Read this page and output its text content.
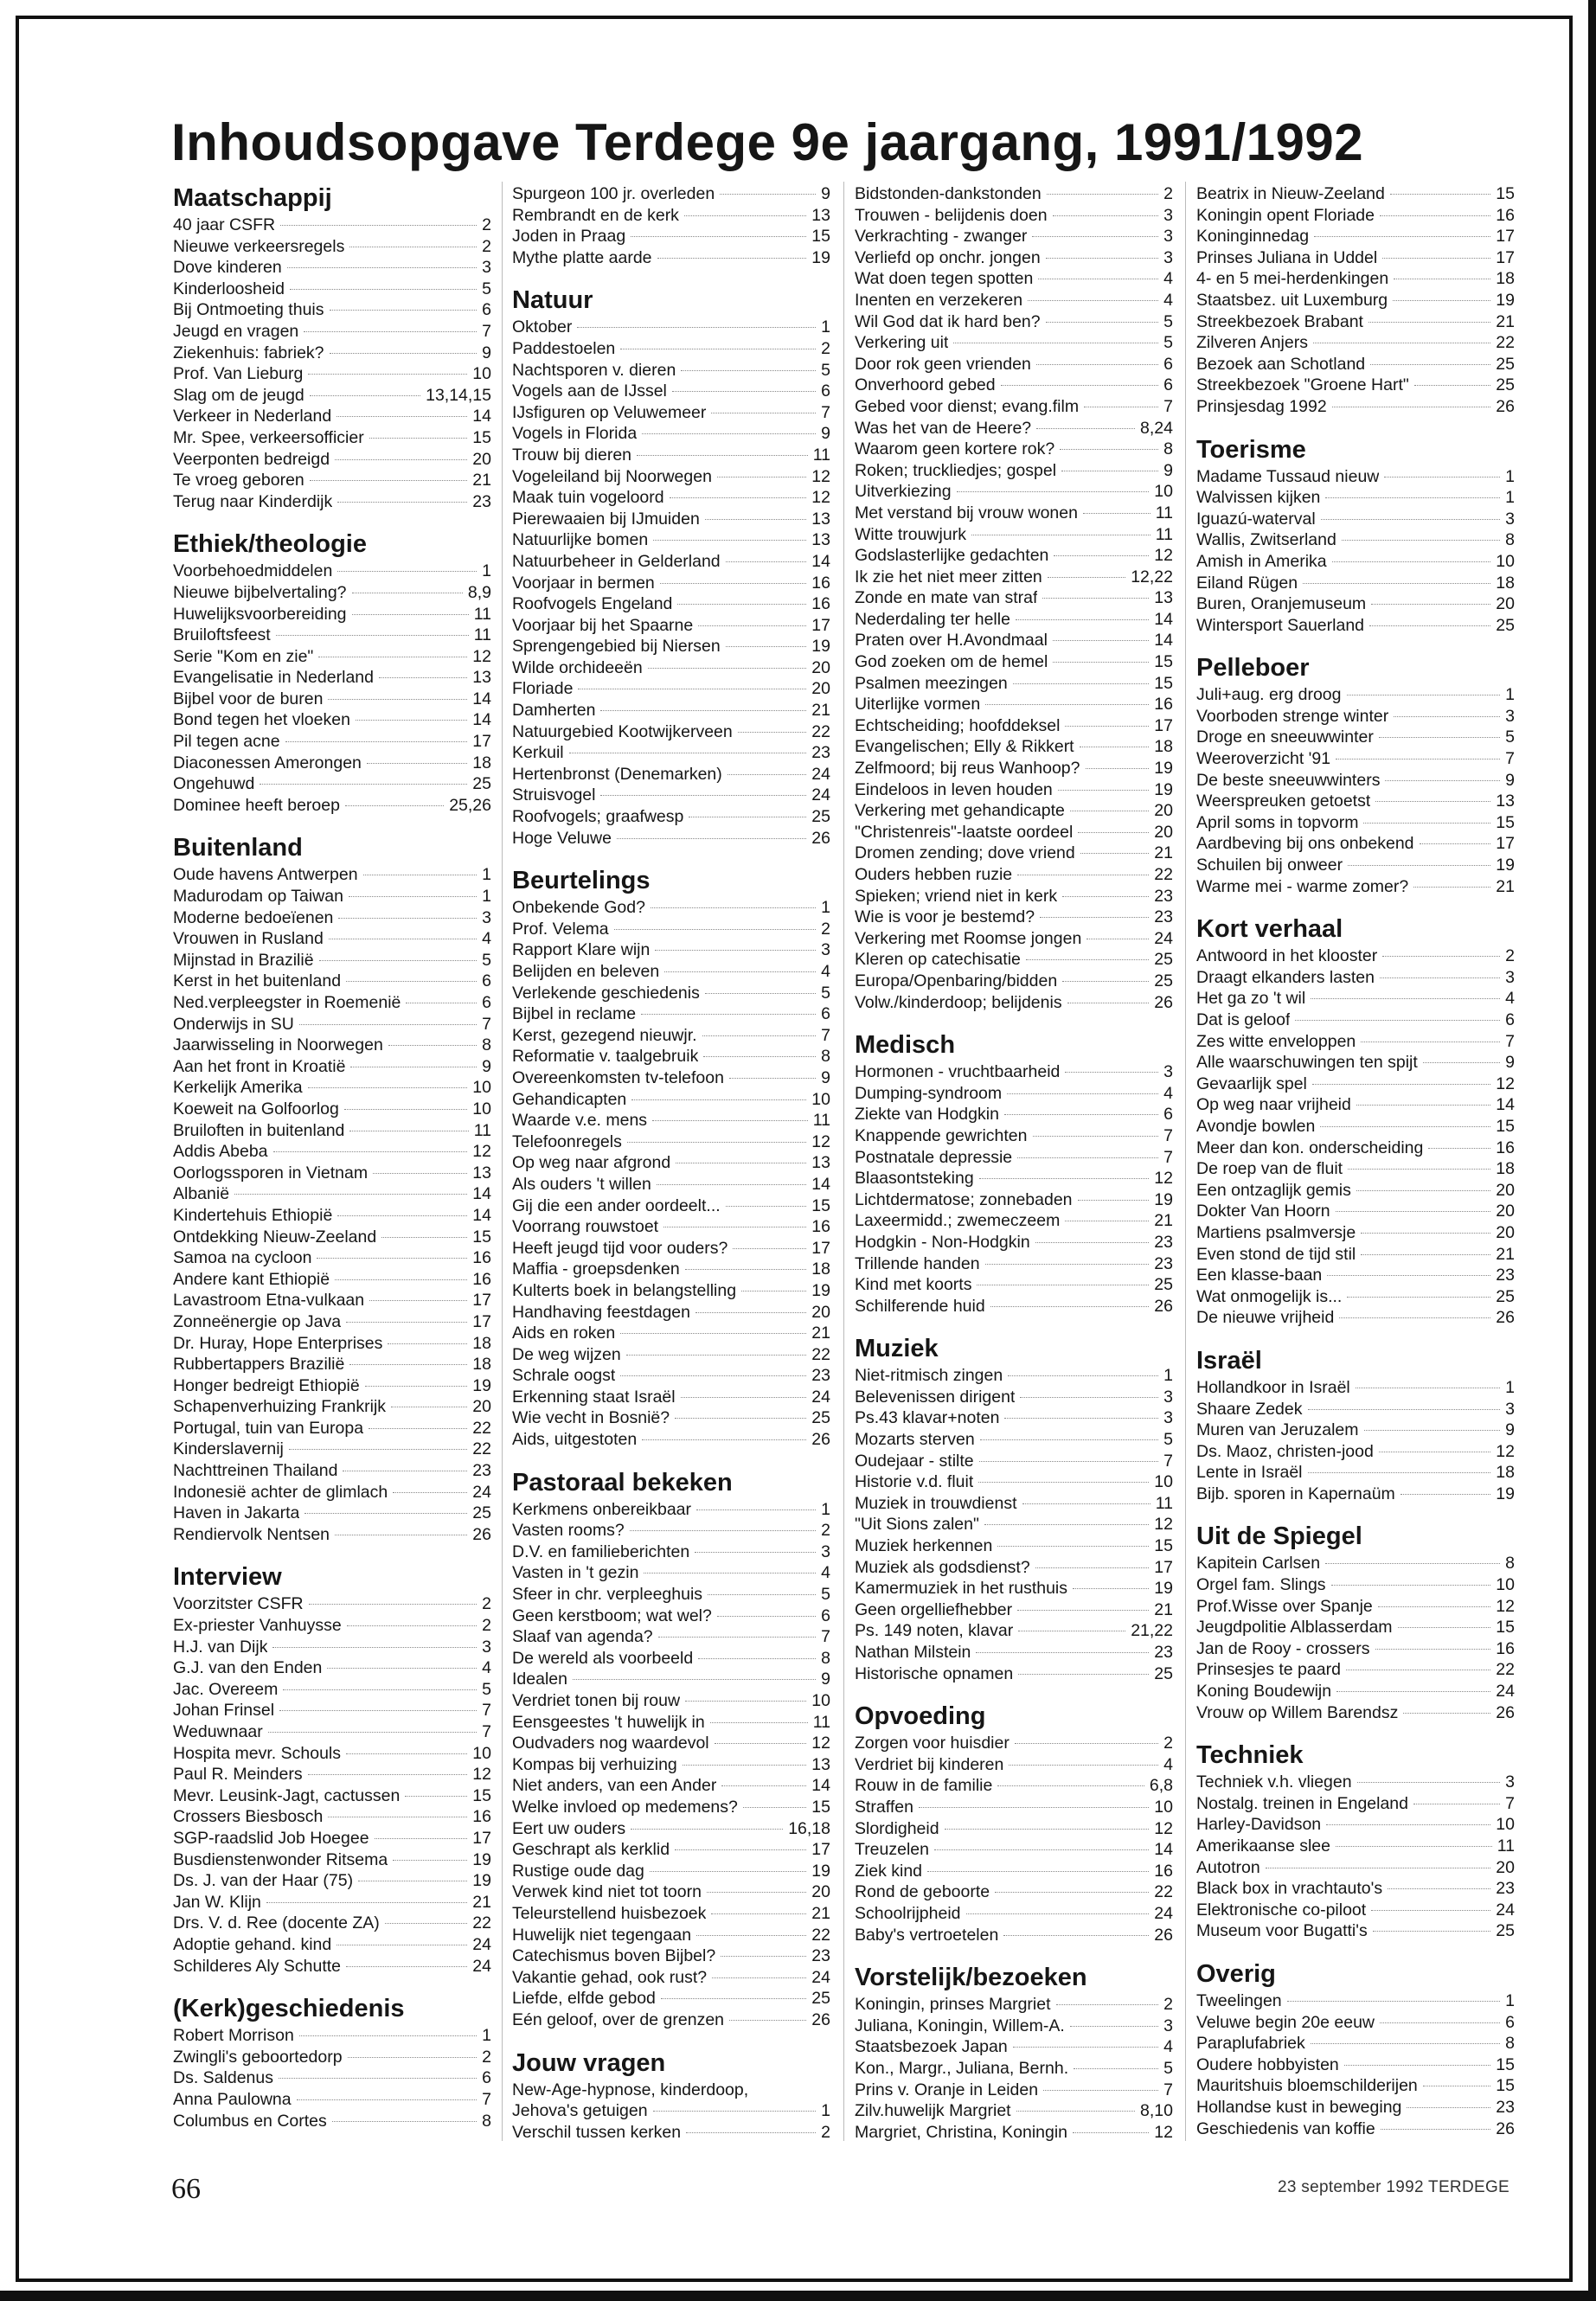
Inhoudsopgave Terdege 9e jaargang, 1991/1992
Maatschappij
40 jaar CSFR	2
Nieuwe verkeersregels	2
Dove kinderen	3
Kinderloosheid	5
Bij Ontmoeting thuis	6
Jeugd en vragen	7
Ziekenhuis: fabriek?	9
Prof. Van Lieburg	10
Slag om de jeugd	13,14,15
Verkeer in Nederland	14
Mr. Spee, verkeersofficier	15
Veerponten bedreigd	20
Te vroeg geboren	21
Terug naar Kinderdijk	23
Ethiek/theologie
Voorbehoedmiddelen	1
Nieuwe bijbelvertaling?	8,9
Huwelijksvoorbereiding	11
Bruiloftsfeest	11
Serie "Kom en zie"	12
Evangelisatie in Nederland	13
Bijbel voor de buren	14
Bond tegen het vloeken	14
Pil tegen acne	17
Diaconessen Amerongen	18
Ongehuwd	25
Dominee heeft beroep	25,26
Buitenland
Oude havens Antwerpen	1
Madurodam op Taiwan	1
Moderne bedoeïenen	3
Vrouwen in Rusland	4
Mijnstad in Brazilië	5
Kerst in het buitenland	6
Ned.verpleegster in Roemenië	6
Onderwijs in SU	7
Jaarwisseling in Noorwegen	8
Aan het front in Kroatië	9
Kerkelijk Amerika	10
Koeweit na Golfoorlog	10
Bruiloften in buitenland	11
Addis Abeba	12
Oorlogssporen in Vietnam	13
Albanië	14
Kindertehuis Ethiopië	14
Ontdekking Nieuw-Zeeland	15
Samoa na cycloon	16
Andere kant Ethiopië	16
Lavastroom Etna-vulkaan	17
Zonneënergie op Java	17
Dr. Huray, Hope Enterprises	18
Rubbertappers Brazilië	18
Honger bedreigt Ethiopië	19
Schapenverhuizing Frankrijk	20
Portugal, tuin van Europa	22
Kinderslavernij	22
Nachttreinen Thailand	23
Indonesië achter de glimlach	24
Haven in Jakarta	25
Rendiervolk Nentsen	26
Interview
Voorzitster CSFR	2
Ex-priester Vanhuysse	2
H.J. van Dijk	3
G.J. van den Enden	4
Jac. Overeem	5
Johan Frinsel	7
Weduwnaar	7
Hospita mevr. Schouls	10
Paul R. Meinders	12
Mevr. Leusink-Jagt, cactussen	15
Crossers Biesbosch	16
SGP-raadslid Job Hoegee	17
Busdienstenwonder Ritsema	19
Ds. J. van der Haar (75)	19
Jan W. Klijn	21
Drs. V. d. Ree (docente ZA)	22
Adoptie gehand. kind	24
Schilderes Aly Schutte	24
(Kerk)geschiedenis
Robert Morrison	1
Zwingli's geboortedorp	2
Ds. Saldenus	6
Anna Paulowna	7
Columbus en Cortes	8
Spurgeon 100 jr. overleden	9
Rembrandt en de kerk	13
Joden in Praag	15
Mythe platte aarde	19
Natuur
Oktober	1
Paddestoelen	2
Nachtsporen v. dieren	5
Vogels aan de IJssel	6
IJsfiguren op Veluwemeer	7
Vogels in Florida	9
Trouw bij dieren	11
Vogeleiland bij Noorwegen	12
Maak tuin vogeloord	12
Pierewaaien bij IJmuiden	13
Natuurlijke bomen	13
Natuurbeheer in Gelderland	14
Voorjaar in bermen	16
Roofvogels Engeland	16
Voorjaar bij het Spaarne	17
Sprengengebied bij Niersen	19
Wilde orchideeën	20
Floriade	20
Damherten	21
Natuurgebied Kootwijkerveen	22
Kerkuil	23
Hertenbronst (Denemarken)	24
Struisvogel	24
Roofvogels; graafwesp	25
Hoge Veluwe	26
Beurtelings
Onbekende God?	1
Prof. Velema	2
Rapport Klare wijn	3
Belijden en beleven	4
Verlekende geschiedenis	5
Bijbel in reclame	6
Kerst, gezegend nieuwjr.	7
Reformatie v. taalgebruik	8
Overeenkomsten tv-telefoon	9
Gehandicapten	10
Waarde v.e. mens	11
Telefoonregels	12
Op weg naar afgrond	13
Als ouders 't willen	14
Gij die een ander oordeelt...	15
Voorrang rouwstoet	16
Heeft jeugd tijd voor ouders?	17
Maffia - groepsdenken	18
Kulterts boek in belangstelling	19
Handhaving feestdagen	20
Aids en roken	21
De weg wijzen	22
Schrale oogst	23
Erkenning staat Israël	24
Wie vecht in Bosnië?	25
Aids, uitgestoten	26
Pastoraal bekeken
Kerkmens onbereikbaar	1
Vasten rooms?	2
D.V. en familieberichten	3
Vasten in 't gezin	4
Sfeer in chr. verpleeghuis	5
Geen kerstboom; wat wel?	6
Slaaf van agenda?	7
De wereld als voorbeeld	8
Idealen	9
Verdriet tonen bij rouw	10
Eensgeestes 't huwelijk in	11
Oudvaders nog waardevol	12
Kompas bij verhuizing	13
Niet anders, van een Ander	14
Welke invloed op medemens?	15
Eert uw ouders	16,18
Geschrapt als kerklid	17
Rustige oude dag	19
Verwek kind niet tot toorn	20
Teleurstellend huisbezoek	21
Huwelijk niet tegengaan	22
Catechismus boven Bijbel?	23
Vakantie gehad, ook rust?	24
Liefde, elfde gebod	25
Eén geloof, over de grenzen	26
Jouw vragen
New-Age-hypnose, kinderdoop,
Jehova's getuigen	1
Verschil tussen kerken	2
Bidstonden-dankstonden	2
Trouwen - belijdenis doen	3
Verkrachting - zwanger	3
Verliefd op onchr. jongen	3
Wat doen tegen spotten	4
Inenten en verzekeren	4
Wil God dat ik hard ben?	5
Verkering uit	5
Door rok geen vrienden	6
Onverhoord gebed	6
Gebed voor dienst; evang.film	7
Was het van de Heere?	8,24
Waarom geen kortere rok?	8
Roken; truckliedjes; gospel	9
Uitverkiezing	10
Met verstand bij vrouw wonen	11
Witte trouwjurk	11
Godslasterlijke gedachten	12
Ik zie het niet meer zitten	12,22
Zonde en mate van straf	13
Nederdaling ter helle	14
Praten over H.Avondmaal	14
God zoeken om de hemel	15
Psalmen meezingen	15
Uiterlijke vormen	16
Echtscheiding; hoofddeksel	17
Evangelischen; Elly & Rikkert	18
Zelfmoord; bij reus Wanhoop?	19
Eindeloos in leven houden	19
Verkering met gehandicapte	20
"Christenreis"-laatste oordeel	20
Dromen zending; dove vriend	21
Ouders hebben ruzie	22
Spieken; vriend niet in kerk	23
Wie is voor je bestemd?	23
Verkering met Roomse jongen	24
Kleren op catechisatie	25
Europa/Openbaring/bidden	25
Volw./kinderdoop; belijdenis	26
Medisch
Hormonen - vruchtbaarheid	3
Dumping-syndroom	4
Ziekte van Hodgkin	6
Knappende gewrichten	7
Postnatale depressie	7
Blaasontsteking	12
Lichtdermatose; zonnebaden	19
Laxeermidd.; zwemeczeem	21
Hodgkin - Non-Hodgkin	23
Trillende handen	23
Kind met koorts	25
Schilferende huid	26
Muziek
Niet-ritmisch zingen	1
Belevenissen dirigent	3
Ps.43 klavar+noten	3
Mozarts sterven	5
Oudejaar - stilte	7
Historie v.d. fluit	10
Muziek in trouwdienst	11
"Uit Sions zalen"	12
Muziek herkennen	15
Muziek als godsdienst?	17
Kamermuziek in het rusthuis	19
Geen orgelliefhebber	21
Ps. 149 noten, klavar	21,22
Nathan Milstein	23
Historische opnamen	25
Opvoeding
Zorgen voor huisdier	2
Verdriet bij kinderen	4
Rouw in de familie	6,8
Straffen	10
Slordigheid	12
Treuzelen	14
Ziek kind	16
Rond de geboorte	22
Schoolrijpheid	24
Baby's vertroetelen	26
Vorstelijk/bezoeken
Koningin, prinses Margriet	2
Juliana, Koningin, Willem-A.	3
Staatsbezoek Japan	4
Kon., Margr., Juliana, Bernh.	5
Prins v. Oranje in Leiden	7
Zilv.huwelijk Margriet	8,10
Margriet, Christina, Koningin	12
Beatrix in Nieuw-Zeeland	15
Koningin opent Floriade	16
Koninginnedag	17
Prinses Juliana in Uddel	17
4- en 5 mei-herdenkingen	18
Staatsbez. uit Luxemburg	19
Streekbezoek Brabant	21
Zilveren Anjers	22
Bezoek aan Schotland	25
Streekbezoek "Groene Hart"	25
Prinsjesdag 1992	26
Toerisme
Madame Tussaud nieuw	1
Walvissen kijken	1
Iguazú-waterval	3
Wallis, Zwitserland	8
Amish in Amerika	10
Eiland Rügen	18
Buren, Oranjemuseum	20
Wintersport Sauerland	25
Pelleboer
Juli+aug. erg droog	1
Voorboden strenge winter	3
Droge en sneeuwwinter	5
Weeroverzicht '91	7
De beste sneeuwwinters	9
Weerspreuken getoetst	13
April soms in topvorm	15
Aardbeving bij ons onbekend	17
Schuilen bij onweer	19
Warme mei - warme zomer?	21
Kort verhaal
Antwoord in het klooster	2
Draagt elkanders lasten	3
Het ga zo 't wil	4
Dat is geloof	6
Zes witte enveloppen	7
Alle waarschuwingen ten spijt	9
Gevaarlijk spel	12
Op weg naar vrijheid	14
Avondje bowlen	15
Meer dan kon. onderscheiding	16
De roep van de fluit	18
Een ontzaglijk gemis	20
Dokter Van Hoorn	20
Martiens psalmversje	20
Even stond de tijd stil	21
Een klasse-baan	23
Wat onmogelijk is...	25
De nieuwe vrijheid	26
Israël
Hollandkoor in Israël	1
Shaare Zedek	3
Muren van Jeruzalem	9
Ds. Maoz, christen-jood	12
Lente in Israël	18
Bijb. sporen in Kapernaüm	19
Uit de Spiegel
Kapitein Carlsen	8
Orgel fam. Slings	10
Prof.Wisse over Spanje	12
Jeugdpolitie Alblasserdam	15
Jan de Rooy - crossers	16
Prinsesjes te paard	22
Koning Boudewijn	24
Vrouw op Willem Barendsz	26
Techniek
Techniek v.h. vliegen	3
Nostalg. treinen in Engeland	7
Harley-Davidson	10
Amerikaanse slee	11
Autotron	20
Black box in vrachtauto's	23
Elektronische co-piloot	24
Museum voor Bugatti's	25
Overig
Tweelingen	1
Veluwe begin 20e eeuw	6
Paraplufabriek	8
Oudere hobbyisten	15
Mauritshuis bloemschilderijen	15
Hollandse kust in beweging	23
Geschiedenis van koffie	26
66	23 september 1992 TERDEGE
